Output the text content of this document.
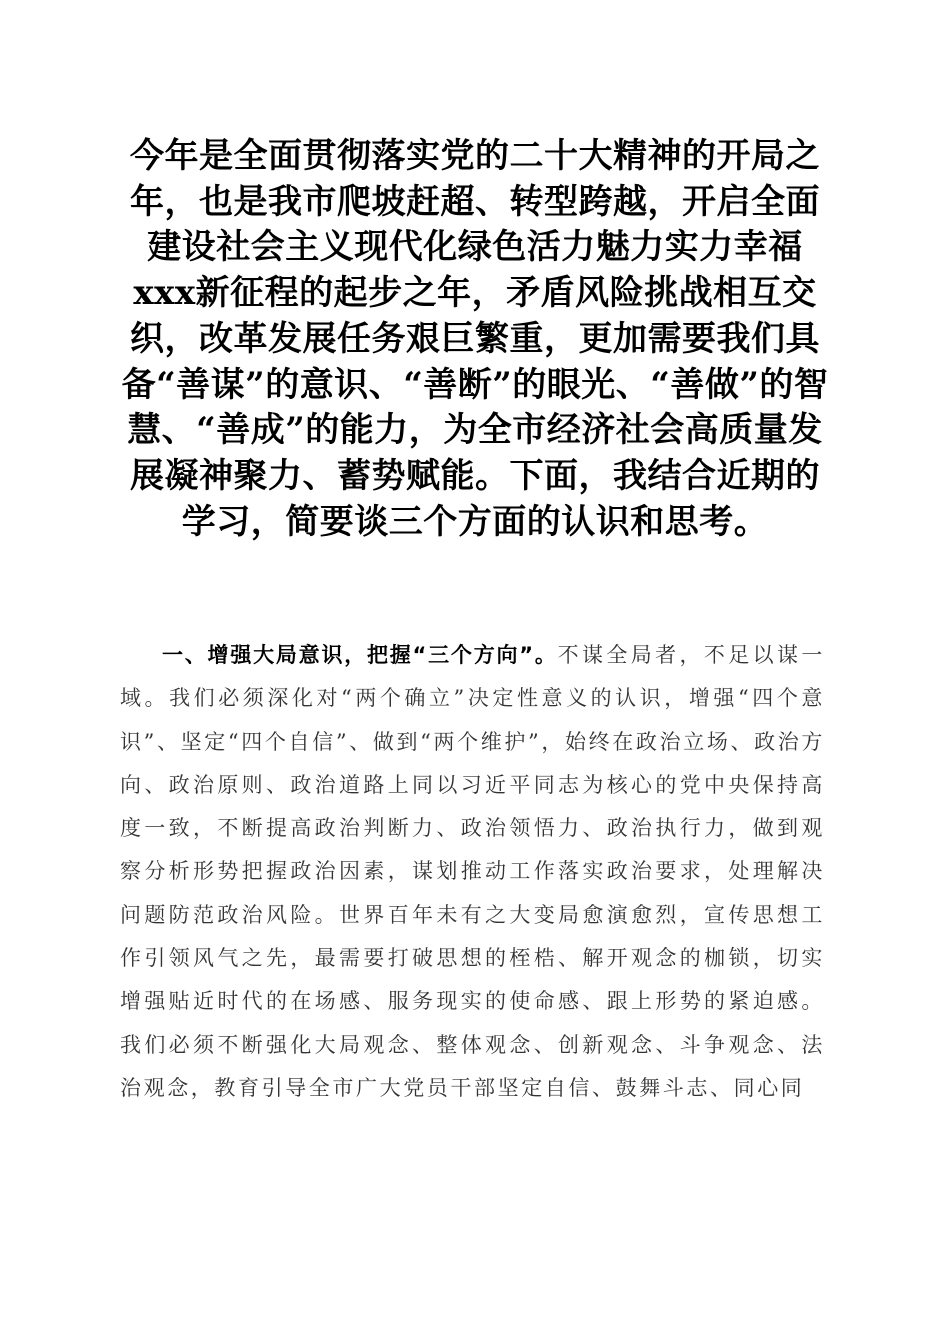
今年是全面贯彻落实党的二十大精神的开局之年，也是我市爬坡赶超、转型跨越，开启全面建设社会主义现代化绿色活力魅力实力幸福xxx新征程的起步之年，矛盾风险挑战相互交织，改革发展任务艰巨繁重，更加需要我们具备“善谋”的意识、“善断”的眼光、“善做”的智慧、“善成”的能力，为全市经济社会高质量发展凝神聚力、蓄势赋能。下面，我结合近期的学习，简要谈三个方面的认识和思考。

一、增强大局意识，把握“三个方向”。不谋全局者，不足以谋一域。我们必须深化对“两个确立”决定性意义的认识，增强“四个意识”、坚定“四个自信”、做到“两个维护”，始终在政治立场、政治方向、政治原则、政治道路上同以习近平同志为核心的党中央保持高度一致，不断提高政治判断力、政治领悟力、政治执行力，做到观察分析形势把握政治因素，谋划推动工作落实政治要求，处理解决问题防范政治风险。世界百年未有之大变局愈演愈烈，宣传思想工作引领风气之先，最需要打破思想的桎梏、解开观念的枷锁，切实增强贴近时代的在场感、服务现实的使命感、跟上形势的紧迫感。我们必须不断强化大局观念、整体观念、创新观念、斗争观念、法治观念，教育引导全市广大党员干部坚定自信、鼓舞斗志、同心同
